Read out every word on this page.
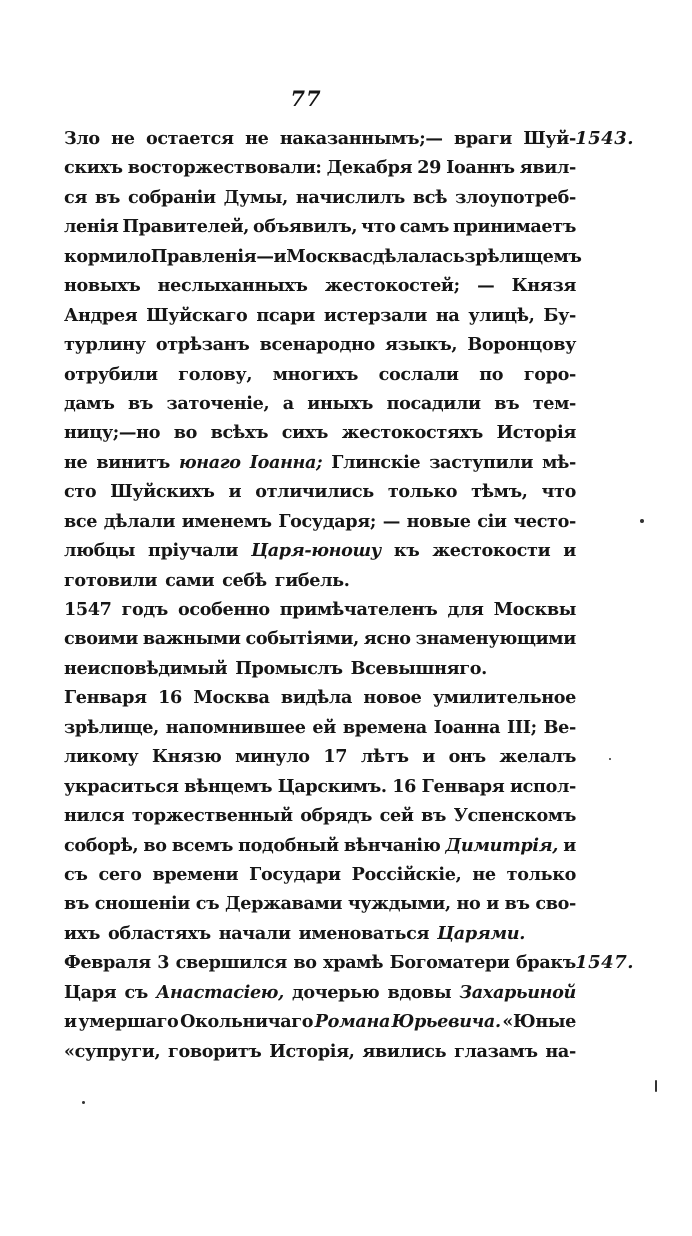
77
1543.
1547.
Зло не остается не наказаннымъ;— враги Шуй-
скихъ восторжествовали: Декабря 29 Іоаннъ явил-
ся въ собраніи Думы, начислилъ всѣ злоупотреб-
ленія Правителей, объявилъ, что самъ принимаетъ
кормило Правленія—и Москва сдѣлалась зрѣлищемъ
новыхъ неслыханныхъ жестокостей; — Князя
Андрея Шуйскаго псари истерзали на улицѣ, Бу-
турлину отрѣзанъ всенародно языкъ, Воронцову
отрубили голову, многихъ сослали по горо-
дамъ въ заточеніе, а иныхъ посадили въ тем-
ницу;—но во всѣхъ сихъ жестокостяхъ Исторія
не винитъ юнаго Іоанна; Глинскіе заступили мѣ-
сто Шуйскихъ и отличились только тѣмъ, что
все дѣлали именемъ Государя; — новые сіи често-
любцы пріучали Царя-юношу къ жестокости и
готовили сами себѣ гибель.
1547 годъ особенно примѣчателенъ для Москвы
своими важными событіями, ясно знаменующими
неисповѣдимый Промыслъ Всевышняго.
Генваря 16 Москва видѣла новое умилительное
зрѣлище, напомнившее ей времена Іоанна III; Ве-
ликому Князю минуло 17 лѣтъ и онъ желалъ
украситься вѣнцемъ Царскимъ. 16 Генваря испол-
нился торжественный обрядъ сей въ Успенскомъ
соборѣ, во всемъ подобный вѣнчанію Димитрія, и
съ сего времени Государи Россійскіе, не только
въ сношеніи съ Державами чуждыми, но и въ сво-
ихъ областяхъ начали именоваться Царями.
Февраля 3 свершился во храмѣ Богоматери бракъ
Царя съ Анастасіею, дочерью вдовы Захарьиной
и умершаго Окольничаго Романа Юрьевича. «Юные
«супруги, говоритъ Исторія, явились глазамъ на-
